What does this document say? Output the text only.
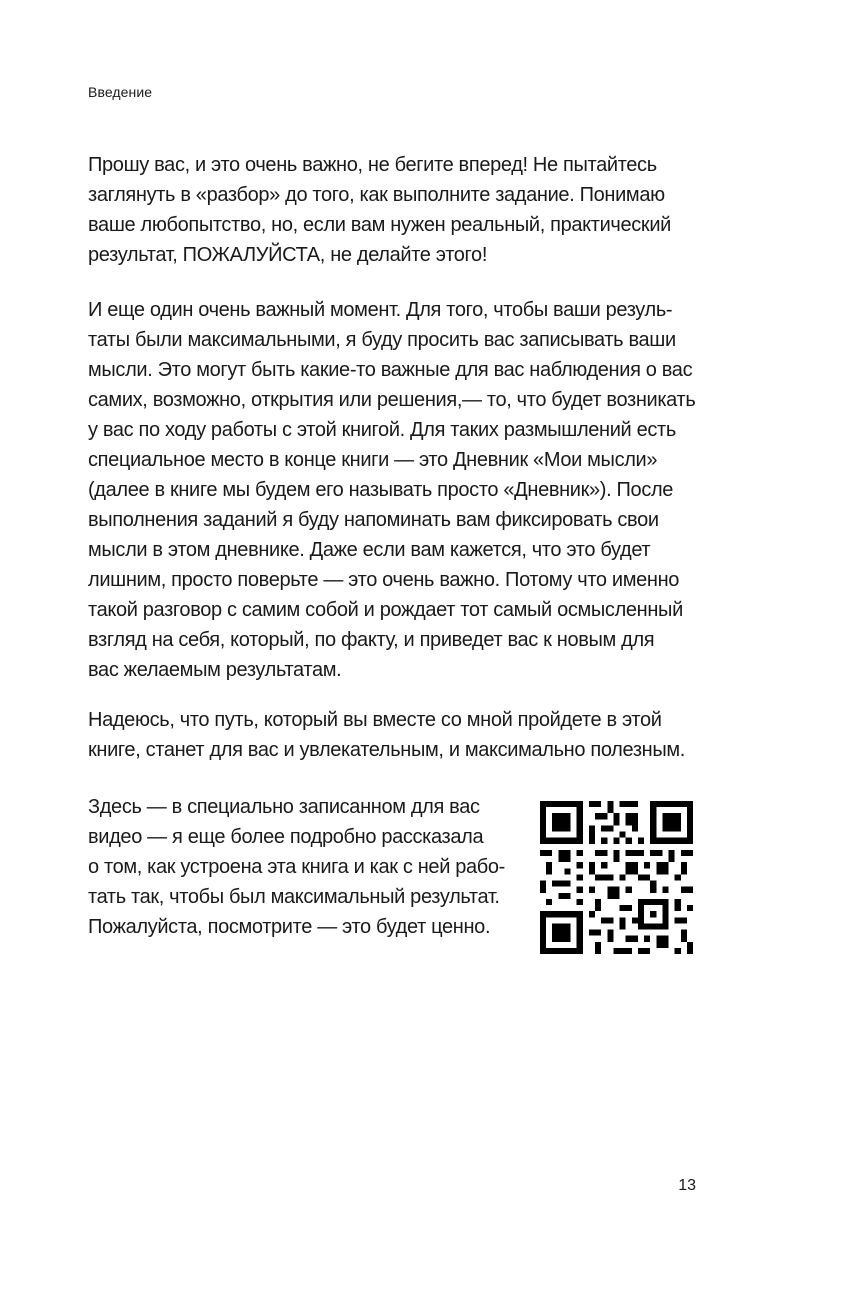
Введение

Прошу вас, и это очень важно, не бегите вперед! Не пытайтесь
заглянуть в «разбор» до того, как выполните задание. Понимаю
ваше любопытство, но, если вам нужен реальный, практический
результат, ПОЖАЛУЙСТА, не делайте этого!

И еще один очень важный момент. Для того, чтобы ваши резуль-
таты были максимальными, я буду просить вас записывать ваши
мысли. Это могут быть какие-то важные для вас наблюдения о вас
самих, возможно, открытия или решения,— то, что будет возникать
у вас по ходу работы с этой книгой. Для таких размышлений есть
специальное место в конце книги — это Дневник «Мои мысли»
(далее в книге мы будем его называть просто «Дневник»). После
выполнения заданий я буду напоминать вам фиксировать свои
мысли в этом дневнике. Даже если вам кажется, что это будет
лишним, просто поверьте — это очень важно. Потому что именно
такой разговор с самим собой и рождает тот самый осмысленный
взгляд на себя, который, по факту, и приведет вас к новым для
вас желаемым результатам.

Надеюсь, что путь, который вы вместе со мной пройдете в этой
книге, станет для вас и увлекательным, и максимально полезным.

Здесь — в специально записанном для вас
видео — я еще более подробно рассказала
о том, как устроена эта книга и как с ней рабо-
тать так, чтобы был максимальный результат.
Пожалуйста, посмотрите — это будет ценно.

13
